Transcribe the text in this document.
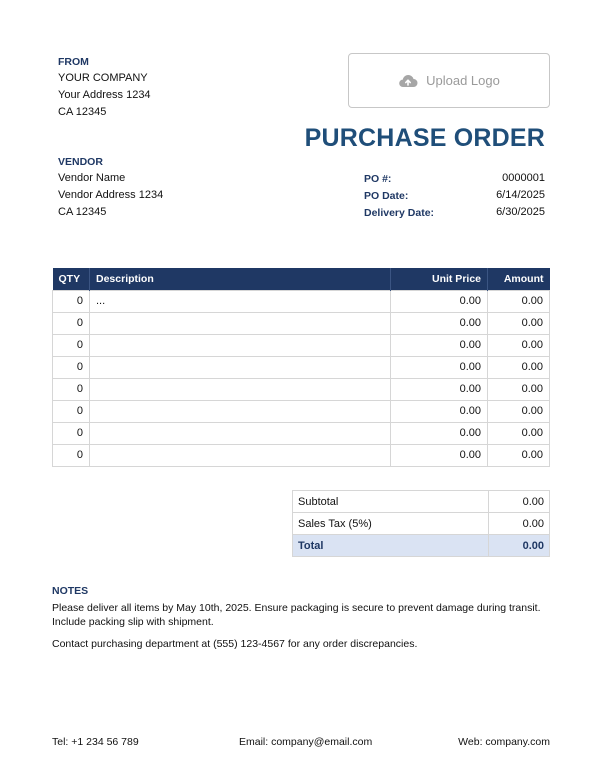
FROM
YOUR COMPANY
Your Address 1234
CA 12345
Upload Logo
PURCHASE ORDER
VENDOR
Vendor Name
Vendor Address 1234
CA 12345
PO #:	0000001
PO Date:	6/14/2025
Delivery Date:	6/30/2025
QTY	Description	Unit Price	Amount
0	...	0.00	0.00
0		0.00	0.00
0		0.00	0.00
0		0.00	0.00
0		0.00	0.00
0		0.00	0.00
0		0.00	0.00
0		0.00	0.00
Subtotal	0.00
Sales Tax (5%)	0.00
Total	0.00
NOTES
Please deliver all items by May 10th, 2025. Ensure packaging is secure to prevent damage during transit. Include packing slip with shipment.
Contact purchasing department at (555) 123-4567 for any order discrepancies.
Tel: +1 234 56 789	Email: company@email.com	Web: company.com
